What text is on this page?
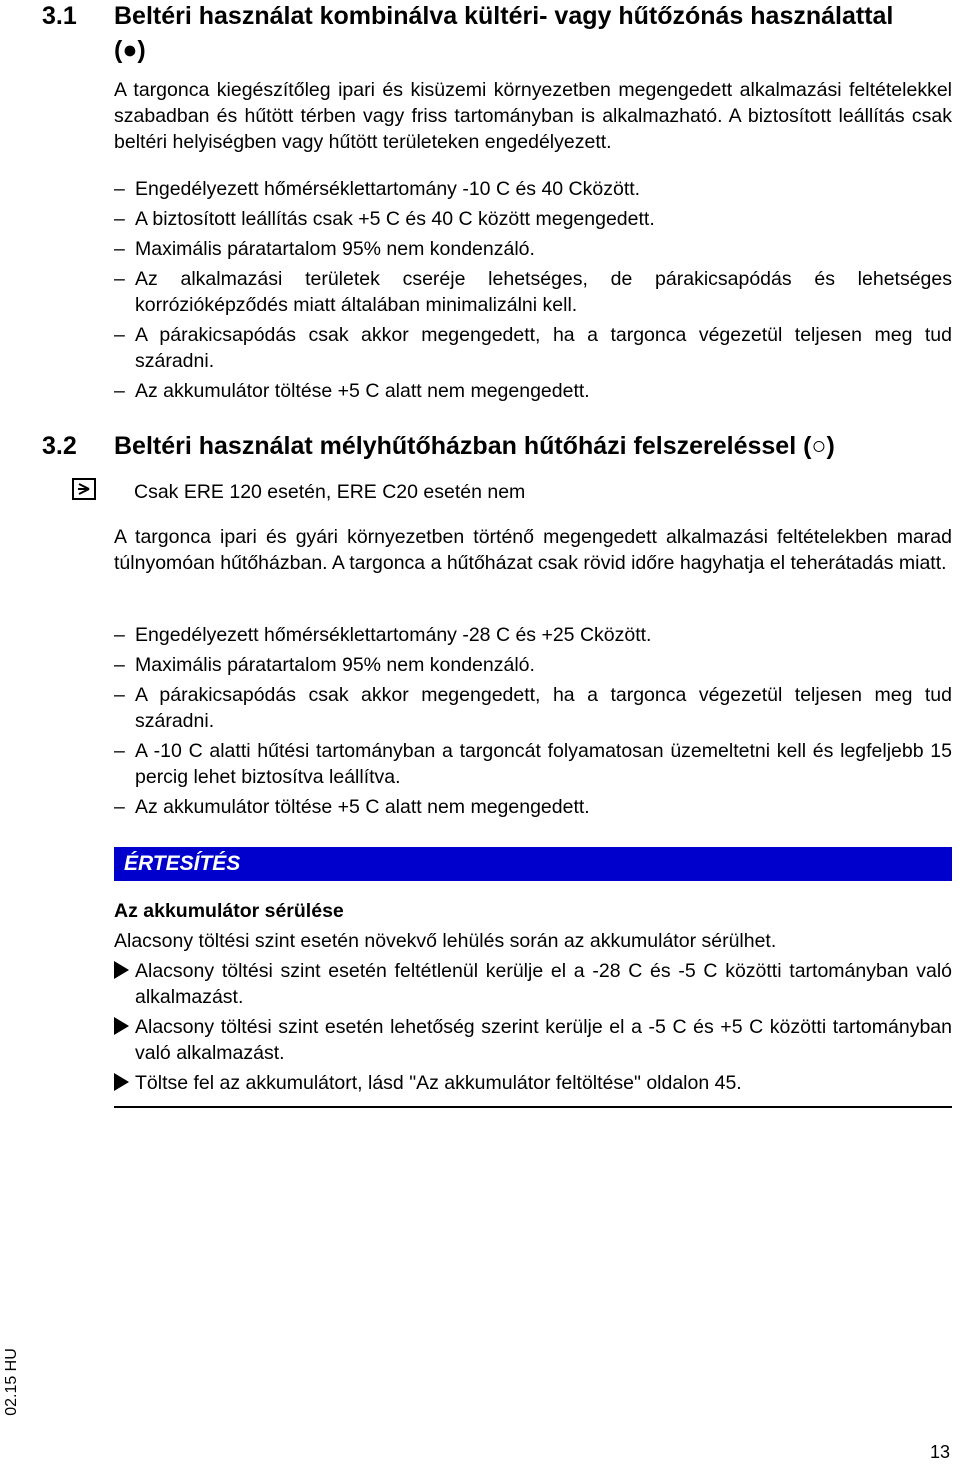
3.1 Beltéri használat kombinálva kültéri- vagy hűtőzónás használattal
(●)
A targonca kiegészítőleg ipari és kisüzemi környezetben megengedett alkalmazási feltételekkel szabadban és hűtött térben vagy friss tartományban is alkalmazható. A biztosított leállítás csak beltéri helyiségben vagy hűtött területeken engedélyezett.
– Engedélyezett hőmérséklettartomány -10 C és 40 Cközött.
– A biztosított leállítás csak +5 C és 40 C között megengedett.
– Maximális páratartalom 95% nem kondenzáló.
– Az alkalmazási területek cseréje lehetséges, de párakicsapódás és lehetséges korrózióképződés miatt általában minimalizálni kell.
– A párakicsapódás csak akkor megengedett, ha a targonca végezetül teljesen meg tud száradni.
– Az akkumulátor töltése +5 C alatt nem megengedett.
3.2 Beltéri használat mélyhűtőházban hűtőházi felszereléssel (○)
Csak ERE 120 esetén, ERE C20 esetén nem
A targonca ipari és gyári környezetben történő megengedett alkalmazási feltételekben marad túlnyomóan hűtőházban. A targonca a hűtőházat csak rövid időre hagyhatja el teherátadás miatt.
– Engedélyezett hőmérséklettartomány -28 C és +25 Cközött.
– Maximális páratartalom 95% nem kondenzáló.
– A párakicsapódás csak akkor megengedett, ha a targonca végezetül teljesen meg tud száradni.
– A -10 C alatti hűtési tartományban a targoncát folyamatosan üzemeltetni kell és legfeljebb 15 percig lehet biztosítva leállítva.
– Az akkumulátor töltése +5 C alatt nem megengedett.
ÉRTESÍTÉS
Az akkumulátor sérülése
Alacsony töltési szint esetén növekvő lehülés során az akkumulátor sérülhet.
Alacsony töltési szint esetén feltétlenül kerülje el a -28 C és -5 C közötti tartományban való alkalmazást.
Alacsony töltési szint esetén lehetőség szerint kerülje el a -5 C és +5 C közötti tartományban való alkalmazást.
Töltse fel az akkumulátort, lásd "Az akkumulátor feltöltése" oldalon 45.
02.15 HU
13
